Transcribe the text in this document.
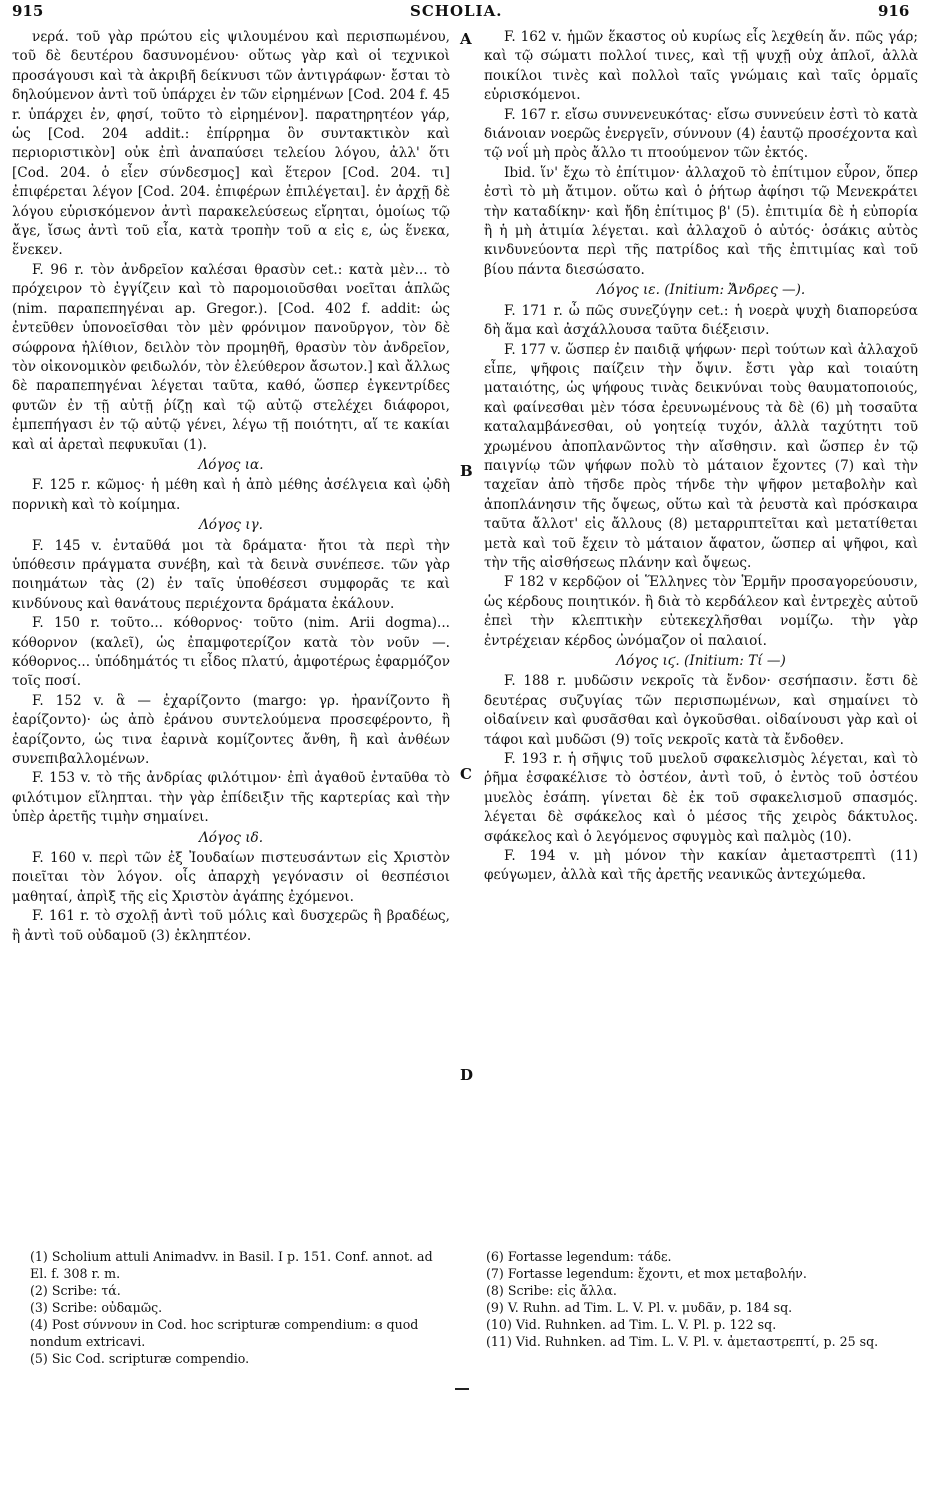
915	SCHOLIA.	916
A
B
C
D

νερά. τοῦ γὰρ πρώτου εἰς ψιλουμένου καὶ περισπωμένου, τοῦ δὲ δευτέρου δασυνομένου· οὕτως γὰρ καὶ οἱ τεχνικοὶ προσάγουσι καὶ τὰ ἀκριβῆ δείκνυσι τῶν ἀντιγράφων· ἔσται τὸ δηλούμενον ἀντὶ τοῦ ὑπάρχει ἐν τῶν εἰρημένων [Cod. 204 f. 45 r. ὑπάρχει ἐν, φησί, τοῦτο τὸ εἰρημένον]. παρατηρητέον γάρ, ὡς [Cod. 204 addit.: ἐπίρρημα ὃν συντακτικὸν καὶ περιοριστικὸν] οὐκ ἐπὶ ἀναπαύσει τελείου λόγου, ἀλλ' ὅτι [Cod. 204. ὁ εἶεν σύνδεσμος] καὶ ἕτερον [Cod. 204. τι] ἐπιφέρεται λέγον [Cod. 204. ἐπιφέρων ἐπιλέγεται]. ἐν ἀρχῇ δὲ λόγου εὑρισκόμενον ἀντὶ παρακελεύσεως εἴρηται, ὁμοίως τῷ ἄγε, ἴσως ἀντὶ τοῦ εἶα, κατὰ τροπὴν τοῦ α εἰς ε, ὡς ἕνεκα, ἕνεκεν.

F. 96 r. τὸν ἀνδρεῖον καλέσαι θρασὺν cet.: κατὰ μὲν... τὸ πρόχειρον τὸ ἐγγίζειν καὶ τὸ παρομοιοῦσθαι νοεῖται ἁπλῶς (nim. παραπεπηγέναι ap. Gregor.). [Cod. 402 f. addit: ὡς ἐντεῦθεν ὑπονοεῖσθαι τὸν μὲν φρόνιμον πανοῦργον, τὸν δὲ σώφρονα ἠλίθιον, δειλὸν τὸν προμηθῆ, θρασὺν τὸν ἀνδρεῖον, τὸν οἰκονομικὸν φειδωλόν, τὸν ἐλεύθερον ἄσωτον.] καὶ ἄλλως δὲ παραπεπηγέναι λέγεται ταῦτα, καθό, ὥσπερ ἐγκεντρίδες φυτῶν ἐν τῇ αὐτῇ ῥίζῃ καὶ τῷ αὐτῷ στελέχει διάφοροι, ἐμπεπήγασι ἐν τῷ αὐτῷ γένει, λέγω τῇ ποιότητι, αἵ τε κακίαι καὶ αἱ ἀρεταὶ πεφυκυῖαι (1).

Λόγος ια.

F. 125 r. κῶμος· ἡ μέθη καὶ ἡ ἀπὸ μέθης ἀσέλγεια καὶ ᾠδὴ πορνικὴ καὶ τὸ κοίμημα.

Λόγος ιγ.

F. 145 v. ἐνταῦθά μοι τὰ δράματα· ἤτοι τὰ περὶ τὴν ὑπόθεσιν πράγματα συνέβη, καὶ τὰ δεινὰ συνέπεσε. τῶν γὰρ ποιημάτων τὰς (2) ἐν ταῖς ὑποθέσεσι συμφορᾶς τε καὶ κινδύνους καὶ θανάτους περιέχοντα δράματα ἐκάλουν.

F. 150 r. τοῦτο... κόθορνος· τοῦτο (nim. Arii dogma)... κόθορνον (καλεῖ), ὡς ἐπαμφοτερίζον κατὰ τὸν νοῦν —. κόθορνος... ὑπόδημάτός τι εἶδος πλατύ, ἀμφοτέρως ἐφαρμόζον τοῖς ποσί.

F. 152 v. ἃ — ἐχαρίζοντο (margo: γρ. ἠρανίζοντο ἢ ἐαρίζοντο)· ὡς ἀπὸ ἐράνου συντελούμενα προσεφέροντο, ἢ ἐαρίζοντο, ὡς τινα ἐαρινὰ κομίζοντες ἄνθη, ἢ καὶ ἀνθέων συνεπιβαλλομένων.

F. 153 v. τὸ τῆς ἀνδρίας φιλότιμον· ἐπὶ ἀγαθοῦ ἐνταῦθα τὸ φιλότιμον εἴληπται. τὴν γὰρ ἐπίδειξιν τῆς καρτερίας καὶ τὴν ὑπὲρ ἀρετῆς τιμὴν σημαίνει.

Λόγος ιδ.

F. 160 v. περὶ τῶν ἐξ Ἰουδαίων πιστευσάντων εἰς Χριστὸν ποιεῖται τὸν λόγον. οἷς ἀπαρχὴ γεγόνασιν οἱ θεσπέσιοι μαθηταί, ἀπρὶξ τῆς εἰς Χριστὸν ἀγάπης ἐχόμενοι.

F. 161 r. τὸ σχολῇ ἀντὶ τοῦ μόλις καὶ δυσχερῶς ἢ βραδέως, ἢ ἀντὶ τοῦ οὐδαμοῦ (3) ἐκληπτέον.

F. 162 v. ἡμῶν ἕκαστος οὐ κυρίως εἷς λεχθείη ἄν. πῶς γάρ; καὶ τῷ σώματι πολλοί τινες, καὶ τῇ ψυχῇ οὐχ ἁπλοῖ, ἀλλὰ ποικίλοι τινὲς καὶ πολλοὶ ταῖς γνώμαις καὶ ταῖς ὁρμαῖς εὑρισκόμενοι.

F. 167 r. εἴσω συννενευκότας· εἴσω συννεύειν ἐστὶ τὸ κατὰ διάνοιαν νοερῶς ἐνεργεῖν, σύννουν (4) ἑαυτῷ προσέχοντα καὶ τῷ νοΐ μὴ πρὸς ἄλλο τι πτοούμενον τῶν ἐκτός.

Ibid. ἵν' ἔχω τὸ ἐπίτιμον· ἀλλαχοῦ τὸ ἐπίτιμον εὗρον, ὅπερ ἐστὶ τὸ μὴ ἄτιμον. οὕτω καὶ ὁ ῥήτωρ ἀφίησι τῷ Μενεκράτει τὴν καταδίκην· καὶ ἤδη ἐπίτιμος β' (5). ἐπιτιμία δὲ ἡ εὐπορία ἢ ἡ μὴ ἀτιμία λέγεται. καὶ ἀλλαχοῦ ὁ αὐτός· ὁσάκις αὐτὸς κινδυνεύοντα περὶ τῆς πατρίδος καὶ τῆς ἐπιτιμίας καὶ τοῦ βίου πάντα διεσώσατο.

Λόγος ιε. (Initium: Ἄνδρες —).

F. 171 r. ὦ πῶς συνεζύγην cet.: ἡ νοερὰ ψυχὴ διαπορεύσα δὴ ἅμα καὶ ἀσχάλλουσα ταῦτα διέξεισιν.

F. 177 v. ὥσπερ ἐν παιδιᾷ ψήφων· περὶ τούτων καὶ ἀλλαχοῦ εἶπε, ψῆφοις παίζειν τὴν ὄψιν. ἔστι γὰρ καὶ τοιαύτη ματαιότης, ὡς ψήφους τινὰς δεικνύναι τοὺς θαυματοποιούς, καὶ φαίνεσθαι μὲν τόσα ἐρευνωμένους τὰ δὲ (6) μὴ τοσαῦτα καταλαμβάνεσθαι, οὐ γοητείᾳ τυχόν, ἀλλὰ ταχύτητι τοῦ χρωμένου ἀποπλανῶντος τὴν αἴσθησιν. καὶ ὥσπερ ἐν τῷ παιγνίῳ τῶν ψήφων πολὺ τὸ μάταιον ἔχοντες (7) καὶ τὴν ταχεῖαν ἀπὸ τῆσδε πρὸς τήνδε τὴν ψῆφον μεταβολὴν καὶ ἀποπλάνησιν τῆς ὄψεως, οὕτω καὶ τὰ ῥευστὰ καὶ πρόσκαιρα ταῦτα ἄλλοτ' εἰς ἄλλους (8) μεταρριπτεῖται καὶ μετατίθεται μετὰ καὶ τοῦ ἔχειν τὸ μάταιον ἄφατον, ὥσπερ αἱ ψῆφοι, καὶ τὴν τῆς αἰσθήσεως πλάνην καὶ ὄψεως.

F 182 v κερδῷον οἱ Ἕλληνες τὸν Ἑρμῆν προσαγορεύουσιν, ὡς κέρδους ποιητικόν. ἢ διὰ τὸ κερδάλεον καὶ ἐντρεχὲς αὐτοῦ ἐπεὶ τὴν κλεπτικὴν εὐτεκεχλῆσθαι νομίζω. τὴν γὰρ ἐντρέχειαν κέρδος ὠνόμαζον οἱ παλαιοί.

Λόγος ιϛ. (Initium: Τί —)

F. 188 r. μυδῶσιν νεκροῖς τὰ ἔνδον· σεσήπασιν. ἔστι δὲ δευτέρας συζυγίας τῶν περισπωμένων, καὶ σημαίνει τὸ οἰδαίνειν καὶ φυσᾶσθαι καὶ ὀγκοῦσθαι. οἰδαίνουσι γὰρ καὶ οἱ τάφοι καὶ μυδῶσι (9) τοῖς νεκροῖς κατὰ τὰ ἔνδοθεν.

F. 193 r. ἡ σῆψις τοῦ μυελοῦ σφακελισμὸς λέγεται, καὶ τὸ ῥῆμα ἐσφακέλισε τὸ ὀστέον, ἀντὶ τοῦ, ὁ ἐντὸς τοῦ ὀστέου μυελὸς ἐσάπη. γίνεται δὲ ἐκ τοῦ σφακελισμοῦ σπασμός. λέγεται δὲ σφάκελος καὶ ὁ μέσος τῆς χειρὸς δάκτυλος. σφάκελος καὶ ὁ λεγόμενος σφυγμὸς καὶ παλμὸς (10).

F. 194 v. μὴ μόνον τὴν κακίαν ἀμεταστρεπτὶ (11) φεύγωμεν, ἀλλὰ καὶ τῆς ἀρετῆς νεανικῶς ἀντεχώμεθα.

(1) Scholium attuli Animadvv. in Basil. I p. 151. Conf. annot. ad El. f. 308 r. m.
(2) Scribe: τά.
(3) Scribe: οὐδαμῶς.
(4) Post σύννουν in Cod. hoc scripturæ compendium: ɞ quod nondum extricavi.
(5) Sic Cod. scripturæ compendio.
(6) Fortasse legendum: τάδε.
(7) Fortasse legendum: ἔχοντι, et mox μεταβολήν.
(8) Scribe: εἰς ἄλλα.
(9) V. Ruhn. ad Tim. L. V. Pl. v. μυδᾶν, p. 184 sq.
(10) Vid. Ruhnken. ad Tim. L. V. Pl. p. 122 sq.
(11) Vid. Ruhnken. ad Tim. L. V. Pl. v. ἀμεταστρεπτί, p. 25 sq.
